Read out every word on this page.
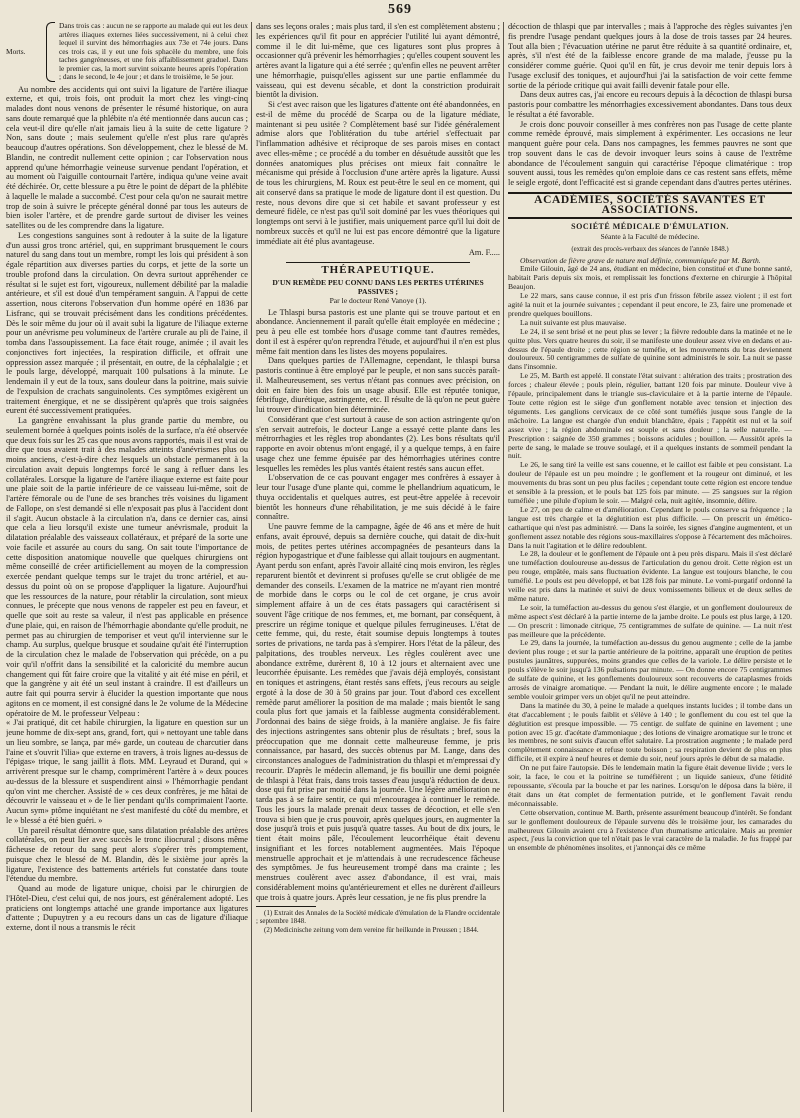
569
Morts.
Dans trois cas : aucun ne se rapporte au malade qui eut les deux artères iliaques externes liées successivement, ni à celui chez lequel il survint des hémorrhagies aux 73e et 74e jours. Dans ces trois cas, il y eut une fois sphacèle du membre, une fois taches gangréneuses, et une fois affaiblissement graduel. Dans le premier cas, la mort survint soixante heures après l'opération ; dans le second, le 4e jour ; et dans le troisième, le 5e jour.

Au nombre des accidents qui ont suivi la ligature de l'artère iliaque externe, et qui, trois fois, ont produit la mort chez les vingt-cinq malades dont nous venons de présenter le résumé historique, on aura sans doute remarqué que la phlébite n'a été mentionnée dans aucun cas ; cela veut-il dire qu'elle n'ait jamais lieu à la suite de cette ligature ? Non, sans doute ; mais seulement qu'elle n'est plus rare qu'après beaucoup d'autres opérations. Son développement, chez le blessé de M. Blandin, ne contredit nullement cette opinion ; car l'observation nous apprend qu'une hémorrhagie veineuse survenue pendant l'opération, et au moment où l'aiguille contournait l'artère, indiqua qu'une veine avait été déchirée. Or, cette blessure a pu être le point de départ de la phlébite à laquelle le malade a succombé. C'est pour cela qu'on ne saurait mettre trop de soin à suivre le précepte général donné par tous les auteurs de bien isoler l'artère, et de prendre garde surtout de diviser les veines satellites ou de les comprendre dans la ligature.

Les congestions sanguines sont à redouter à la suite de la ligature d'un aussi gros tronc artériel, qui, en supprimant brusquement le cours naturel du sang dans tout un membre, rompt les lois qui président à son égale répartition aux diverses parties du corps, et jette de la sorte un trouble profond dans la circulation. On devra surtout appréhender ce résultat si le sujet est fort, vigoureux, nullement débilité par la maladie antérieure, et s'il est doué d'un tempérament sanguin. A l'appui de cette assertion, nous citerons l'observation d'un homme opéré en 1836 par Lisfranc, qui se trouvait précisément dans les conditions précédentes. Dès le soir même du jour où il avait subi la ligature de l'iliaque externe pour un anévrisme peu volumineux de l'artère crurale au pli de l'aine, il tomba dans l'assoupissement. La face était rouge, animée ; il avait les conjonctives fort injectées, la respiration difficile, et offrait une oppression assez marquée ; il présentait, en outre, de la céphalalgie ; et le pouls large, développé, marquait 100 pulsations à la minute. Le lendemain il y eut de la toux, sans douleur dans la poitrine, mais suivie de l'expulsion de crachats sanguinolents. Ces symptômes exigèrent un traitement énergique, et ne se dissipèrent qu'après que trois saignées eurent été successivement pratiquées.

La gangrène envahissant la plus grande partie du membre, ou seulement bornée à quelques points isolés de la surface, n'a été observée que deux fois sur les 25 cas que nous avons rapportés, mais il est vrai de dire que tous avaient trait à des malades atteints d'anévrismes plus ou moins anciens, c'est-à-dire chez lesquels un obstacle permanent à la circulation avait depuis longtemps forcé le sang à refluer dans les collatérales. Lorsque la ligature de l'artère iliaque externe est faite pour une plaie soit de la partie inférieure de ce vaisseau lui-même, soit de l'artère fémorale ou de l'une de ses branches très voisines du ligament de Fallope, on s'est demandé si elle n'exposait pas plus à l'accident dont il s'agit. Aucun obstacle à la circulation n'a, dans ce dernier cas, ainsi que cela a lieu lorsqu'il existe une tumeur anévrismale, produit la dilatation préalable des vaisseaux collatéraux, et préparé de la sorte une voie facile et assurée au cours du sang. On sait toute l'importance de cette disposition anatomique nouvelle que quelques chirurgiens ont même conseillé de créer artificiellement au moyen de la compression exercée pendant quelque temps sur le trajet du tronc artériel, et au-dessus du point où on se propose d'appliquer la ligature. Aujourd'hui que les ressources de la nature, pour rétablir la circulation, sont mieux connues, le précepte que nous venons de rappeler est peu en faveur, et quelle que soit au reste sa valeur, il n'est pas applicable en présence d'une plaie, qui, en raison de l'hémorrhagie abondante qu'elle produit, ne permet pas au chirurgien de temporiser et veut qu'il intervienne sur le champ. Au surplus, quelque brusque et soudaine qu'ait été l'interruption de la circulation chez le malade de l'observation qui précède, on a pu voir qu'il n'offrit dans la sensibilité et la caloricité du membre aucun changement qui fût faire croire que la vitalité y ait été mise en péril, et que la gangrène y ait été un seul instant à craindre. Il est d'ailleurs un autre fait qui pourra servir à élucider la question importante que nous agitons en ce moment, il est consigné dans le 2e volume de la Médecine opératoire de M. le professeur Velpeau :

« J'ai pratiqué, dit cet habile chirurgien, la ligature en question sur un jeune homme de dix-sept ans, grand, fort, qui » nettoyant une table dans un lieu sombre, se lança, par mé» garde, un couteau de charcutier dans l'aine et s'ouvrit l'ilia» que externe en travers, à trois lignes au-dessus de l'épigas» trique, le sang jaillit à flots. MM. Leyraud et Durand, qui » arrivèrent presque sur le champ, comprimèrent l'artère à » deux pouces au-dessus de la blessure et suspendirent ainsi » l'hémorrhagie pendant qu'on vint me chercher. Assisté de » ces deux confrères, je me hâtai de découvrir le vaisseau et » de le lier pendant qu'ils comprimaient l'aorte. Aucun sym» ptôme inquiétant ne s'est manifesté du côté du membre, et le » blessé a été bien guéri. »

Un pareil résultat démontre que, sans dilatation préalable des artères collatérales, on peut lier avec succès le tronc iliocrural ; disons même fâcheuse de retour du sang peut alors s'opérer très promptement, puisque chez le blessé de M. Blandin, dès le sixième jour après la ligature, l'existence des battements artériels fut constatée dans toute l'étendue du membre.

Quand au mode de ligature unique, choisi par le chirurgien de l'Hôtel-Dieu, c'est celui qui, de nos jours, est généralement adopté. Les praticiens ont longtemps attaché une grande importance aux ligatures d'attente ; Dupuytren y a eu recours dans un cas de ligature d'iliaque externe, dont il nous a transmis le récit

dans ses leçons orales ; mais plus tard, il s'en est complètement abstenu ; les expériences qu'il fit pour en apprécier l'utilité lui ayant démontré, comme il le dit lui-même, que ces ligatures sont plus propres à occasionner qu'à prévenir les hémorrhagies ; qu'elles coupent souvent les artères avant la ligature qui a été serrée ; qu'enfin elles ne peuvent arrêter une hémorrhagie, puisqu'elles agissent sur une partie enflammée du vaisseau, qui est devenu sécable, et dont la constriction produirait bientôt la division.

Si c'est avec raison que les ligatures d'attente ont été abandonnées, en est-il de même du procédé de Scarpa ou de la ligature médiate, maintenant si peu usitée ? Complètement basé sur l'idée généralement admise alors que l'oblitération du tube artériel s'effectuait par l'inflammation adhésive et réciproque de ses parois mises en contact avec elles-même ; ce procédé a du tomber en désuétude aussitôt que les données anatomiques plus précises ont mieux fait connaître le mécanisme qui préside à l'occlusion d'une artère après la ligature. Aussi de tous les chirurgiens, M. Roux est peut-être le seul en ce moment, qui ait conservé dans sa pratique le mode de ligature dont il est question. Du reste, nous devons dire que si cet habile et savant professeur y est demeuré fidèle, ce n'est pas qu'il soit dominé par les vues théoriques qui longtemps ont servi à le justifier, mais uniquement parce qu'il lui doit de nombreux succès et qu'il ne lui est pas encore démontré que la ligature immédiate ait été plus avantageuse.

Am. F.....

THÉRAPEUTIQUE.

D'UN REMÈDE PEU CONNU DANS LES PERTES UTÉRINES PASSIVES ;

Par le docteur René Vanoye (1).

Le Thlaspi bursa pastoris est une plante qui se trouve partout et en abondance. Anciennement il paraît qu'elle était employée en médecine ; peu à peu elle est tombée hors d'usage comme tant d'autres remèdes, dont il est à espérer qu'on reprendra l'étude, et aujourd'hui il n'en est plus même fait mention dans les listes des moyens populaires.

Dans quelques parties de l'Allemagne, cependant, le thlaspi bursa pastoris continue à être employé par le peuple, et non sans succès paraît-il. Malheureusement, ses vertus n'étant pas connues avec précision, on doit en faire bien des fois un usage abusif. Elle est réputée tonique, fébrifuge, diurétique, astringente, etc. Il résulte de là qu'on ne peut guère lui trouver d'indication bien déterminée.

Considérant que c'est surtout à cause de son action astringente qu'on s'en servait autrefois, le docteur Lange a essayé cette plante dans les métrorrhagies et les règles trop abondantes (2). Les bons résultats qu'il rapporte en avoir obtenus m'ont engagé, il y a quelque temps, à en faire usage chez une femme épuisée par des hémorrhagies utérines contre lesquelles les remèdes les plus vantés étaient restés sans aucun effet.

L'observation de ce cas pouvant engager mes confrères à essayer à leur tour l'usage d'une plante qui, comme le phellandrium aquaticum, le thuya occidentalis et quelques autres, est peut-être appelée à recevoir bientôt les honneurs d'une réhabilitation, je me suis décidé à le faire connaître.

Une pauvre femme de la campagne, âgée de 46 ans et mère de huit enfans, avait éprouvé, depuis sa dernière couche, qui datait de dix-huit mois, de petites pertes utérines accompagnées de pesanteurs dans la région hypogastrique et d'une faiblesse qui allait toujours en augmentant. Ayant perdu son enfant, après l'avoir allaité cinq mois environ, les règles reparurent bientôt et devinrent si profuses qu'elle se crut obligée de me demander des conseils. L'examen de la matrice ne m'ayant rien montré de morbide dans le corps ou le col de cet organe, je crus avoir simplement affaire à un de ces états passagers qui caractérisent si souvent l'âge critique de nos femmes, et, me bornant, par conséquent, à prescrire un régime tonique et quelque pilules ferrugineuses. L'état de cette femme, qui, du reste, était soumise depuis longtemps à toutes sortes de privations, ne tarda pas à s'empirer. Hors l'état de la pâleur, des palpitations, des troubles nerveux. Les règles coulèrent avec une abondance extrême, durèrent 8, 10 à 12 jours et alternaient avec une leucorrhée épuisante. Les remèdes que j'avais déjà employés, consistant en toniques et astringens, étant restés sans effets, j'eus recours au seigle ergoté à la dose de 30 à 50 grains par jour. Tout d'abord ces excellent remède parut améliorer la position de ma malade ; mais bientôt le sang coula plus fort que jamais et la faiblesse augmenta considérablement. J'ordonnai des bains de siège froids, à la manière anglaise. Je fis faire des injections astringentes sans obtenir plus de résultats ; bref, sous la préoccupation que me donnait cette malheureuse femme, je pris connaissance, par hasard, des succès obtenus par M. Lange, dans des circonstances analogues de l'administration du thlaspi et m'empressai d'y recourir. D'après le médecin allemand, je fis bouillir une demi poignée de thlaspi à l'état frais, dans trois tasses d'eau jusqu'à réduction de deux. dose qui fut prise par moitié dans la journée. Une légère amélioration ne tarda pas à se faire sentir, ce qui m'encouragea à continuer le remède. Tous les jours la malade prenait deux tasses de décoction, et elle s'en trouva si bien que je crus pouvoir, après quelques jours, en augmenter la dose jusqu'à trois et puis jusqu'à quatre tasses. Au bout de dix jours, le tient était moins pâle, l'écoulement leucorrhéique était devenu insignifiant et les forces notablement augmentées. Mais l'époque menstruelle approchait et je m'attendais à une recrudescence fâcheuse des symptômes. Je fus heureusement trompé dans ma crainte ; les menstrues coulèrent avec assez d'abondance, il est vrai, mais considérablement moins qu'antérieurement et elles ne durèrent d'ailleurs que trois à quatre jours. Après leur cessation, je ne fis plus prendre la

(1) Extrait des Annales de la Société médicale d'émulation de la Flandre occidentale ; septembre 1848.

(2) Medicinische zeitung vom dem vereine für heilkunde in Preussen ; 1844.

décoction de thlaspi que par intervalles ; mais à l'approche des règles suivantes j'en fis prendre l'usage pendant quelques jours à la dose de trois tasses par 24 heures. Tout alla bien ; l'évacuation utérine ne parut être réduite à sa quantité ordinaire, et, après, s'il n'est été de la faiblesse encore grande de ma malade, j'eusse pu la considérer comme guérie. Quoi qu'il en fût, je crus devoir me tenir depuis lors à l'usage exclusif des toniques, et aujourd'hui j'ai la satisfaction de voir cette femme sortie de la période critique qui avait failli devenir fatale pour elle.

Dans deux autres cas, j'ai encore eu recours depuis à la décoction de thlaspi bursa pastoris pour combattre les ménorrhagies excessivement abondantes. Dans tous deux le résultat a été favorable.

Je crois donc pouvoir conseiller à mes confrères non pas l'usage de cette plante comme remède éprouvé, mais simplement à expérimenter. Les occasions ne leur manquent guère pour cela. Dans nos campagnes, les femmes pauvres ne sont que trop souvent dans le cas de devoir invoquer leurs soins à cause de l'extrême abondance de l'écoulement sanguin qui caractérise l'époque climatérique : trop souvent aussi, tous les remèdes qu'on emploie dans ce cas restent sans effets, même le seigle ergoté, dont l'efficacité est si grande cependant dans d'autres pertes utérines.

ACADÉMIES, SOCIÉTÉS SAVANTES ET ASSOCIATIONS.

SOCIÉTÉ MÉDICALE D'ÉMULATION.

Séante à la Faculté de médecine.

(extrait des procès-verbaux des séances de l'année 1848.)

Observation de fièvre grave de nature mal définie, communiquée par M. Barth.

Emile Gilouin, âgé de 24 ans, étudiant en médecine, bien constitué et d'une bonne santé, habitait Paris depuis six mois, et remplissait les fonctions d'externe en chirurgie à l'hôpital Beaujon.

Le 22 mars, sans cause connue, il est pris d'un frisson fébrile assez violent ; il est fort agité la nuit et la journée suivantes ; cependant il peut encore, le 23, faire une promenade et prendre quelques bouillons.

La nuit suivante est plus mauvaise.

Le 24, il se sent brisé et ne peut plus se lever ; la fièvre redouble dans la matinée et ne le quitte plus. Vers quatre heures du soir, il se manifeste une douleur assez vive en dedans et au-dessus de l'épaule droite ; cette région se tuméfie, et les mouvements du bras deviennent douloureux. 50 centigrammes de sulfate de quinine sont administrés le soir. La nuit se passe dans l'insomnie.

Le 25, M. Barth est appelé. Il constate l'état suivant : altération des traits ; prostration des forces ; chaleur élevée ; pouls plein, régulier, battant 120 fois par minute. Douleur vive à l'épaule, principalement dans le triangle sus-claviculaire et à la partie interne de l'épaule. Toute cette région est le siège d'un gonflement notable avec tension et injection des téguments. Les ganglions cervicaux de ce côté sont tuméfiés jusque sous l'angle de la mâchoire. La langue est chargée d'un enduit blanchâtre, épais ; l'appétit est nul et la soif assez vive ; la région abdominale est souple et sans douleur ; la selle naturelle. — Prescription : saignée de 350 grammes ; boissons acidules ; bouillon. — Aussitôt après la perte de sang, le malade se trouve soulagé, et il a quelques instants de sommeil pendant la nuit.

Le 26, le sang tiré la veille est sans couenne, et le caillot est faible et peu consistant. La douleur de l'épaule est un peu moindre ; le gonflement et la rougeur ont diminué, et les mouvements du bras sont un peu plus faciles ; cependant toute cette région est encore tendue et sensible à la pression, et le pouls bat 125 fois par minute. — 25 sangsues sur la région tuméfiée ; une pilule d'opium le soir. — Malgré cela, nuit agitée, insomnie, délire.

Le 27, on peu de calme et d'amélioration. Cependant le pouls conserve sa fréquence ; la langue est très chargée et la déglutition est plus difficile. — On prescrit un émético-cathartique qui n'est pas administré. — Dans la soirée, les signes d'angine augmentent, et un gonflement assez notable des régions sous-maxillaires s'oppose à l'écartement des mâchoires. Dans la nuit l'agitation et le délire redoublent.

Le 28, la douleur et le gonflement de l'épaule ont à peu près disparu. Mais il s'est déclaré une tuméfaction douloureuse au-dessus de l'articulation du genou droit. Cette région est un peu rouge, empâtée, mais sans fluctuation évidente. La langue est toujours blanche, le cou tuméfié. Le pouls est peu développé, et bat 128 fois par minute. Le vomi-purgatif ordonné la veille est pris dans la matinée et suivi de deux vomissements bilieux et de deux selles de même nature.

Le soir, la tuméfaction au-dessus du genou s'est élargie, et un gonflement douloureux de même aspect s'est déclaré à la partie interne de la jambe droite. Le pouls est plus large, à 120. — On prescrit : limonade citrique, 75 centigrammes de sulfate de quinine. — La nuit n'est pas meilleure que la précédente.

Le 29, dans la journée, la tuméfaction au-dessus du genou augmente ; celle de la jambe devient plus rouge ; et sur la partie antérieure de la poitrine, apparaît une éruption de petites pustules jaunâtres, suppurées, moins grandes que celles de la variole. Le délire persiste et le pouls s'élève le soir jusqu'à 136 pulsations par minute. — On donne encore 75 centigrammes de sulfate de quinine, et les gonflements douloureux sont recouverts de cataplasmes froids arrosés de vinaigre aromatique. — Pendant la nuit, le délire augmente encore ; le malade semble vouloir grimper vers un objet qu'il ne peut atteindre.

Dans la matinée du 30, à peine le malade a quelques instants lucides ; il tombe dans un état d'accablement ; le pouls faiblit et s'élève à 140 ; le gonflement du cou est tel que la déglutition est presque impossible. — 75 centigr. de sulfate de quinine en lavement ; une potion avec 15 gr. d'acétate d'ammoniaque ; des lotions de vinaigre aromatique sur le tronc et les membres, ne sont suivis d'aucun effet salutaire. La prostration augmente ; le malade perd complètement connaissance et refuse toute boisson ; sa respiration devient de plus en plus difficile, et il expire à neuf heures et demie du soir, neuf jours après le début de sa maladie.

On ne put faire l'autopsie. Dès le lendemain matin la figure était devenue livide ; vers le soir, la face, le cou et la poitrine se tuméfièrent ; un liquide sanieux, d'une fétidité repoussante, s'écoula par la bouche et par les narines. Lorsqu'on le déposa dans la bière, il était dans un état complet de fermentation putride, et le gonflement l'avait rendu méconnaissable.

Cette observation, continue M. Barth, présente assurément beaucoup d'intérêt. Se fondant sur le gonflement douloureux de l'épaule survenu dès le troisième jour, les camarades du malheureux Gilouin avaient cru à l'existence d'un rhumatisme articulaire. Mais au premier aspect, j'eus la conviction que tel n'était pas le vrai caractère de la maladie. Je fus frappé par un ensemble de phénomènes insolites, et j'annonçai dès ce même
